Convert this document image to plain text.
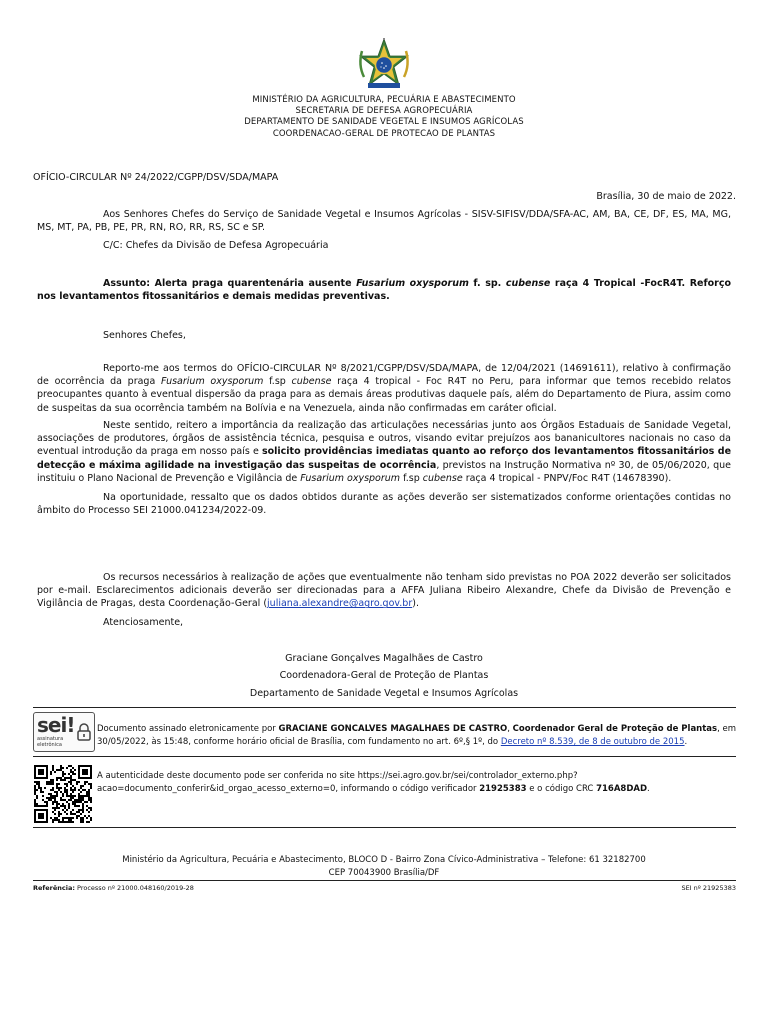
MINISTÉRIO DA AGRICULTURA, PECUÁRIA E ABASTECIMENTO
SECRETARIA DE DEFESA AGROPECUÁRIA
DEPARTAMENTO DE SANIDADE VEGETAL E INSUMOS AGRÍCOLAS
COORDENACAO-GERAL DE PROTECAO DE PLANTAS
OFÍCIO-CIRCULAR Nº 24/2022/CGPP/DSV/SDA/MAPA
Brasília, 30 de maio de 2022.
Aos Senhores Chefes do Serviço de Sanidade Vegetal e Insumos Agrícolas - SISV-SIFISV/DDA/SFA-AC, AM, BA, CE, DF, ES, MA, MG, MS, MT, PA, PB, PE, PR, RN, RO, RR, RS, SC e SP.
C/C: Chefes da Divisão de Defesa Agropecuária
Assunto: Alerta praga quarentenária ausente Fusarium oxysporum f. sp. cubense raça 4 Tropical -FocR4T. Reforço nos levantamentos fitossanitários e demais medidas preventivas.
Senhores Chefes,
Reporto-me aos termos do OFÍCIO-CIRCULAR Nº 8/2021/CGPP/DSV/SDA/MAPA, de 12/04/2021 (14691611), relativo à confirmação de ocorrência da praga Fusarium oxysporum f.sp cubense raça 4 tropical - Foc R4T no Peru, para informar que temos recebido relatos preocupantes quanto à eventual dispersão da praga para as demais áreas produtivas daquele país, além do Departamento de Piura, assim como de suspeitas da sua ocorrência também na Bolívia e na Venezuela, ainda não confirmadas em caráter oficial.
Neste sentido, reitero a importância da realização das articulações necessárias junto aos Órgãos Estaduais de Sanidade Vegetal, associações de produtores, órgãos de assistência técnica, pesquisa e outros, visando evitar prejuízos aos bananicultores nacionais no caso da eventual introdução da praga em nosso país e solicito providências imediatas quanto ao reforço dos levantamentos fitossanitários de detecção e máxima agilidade na investigação das suspeitas de ocorrência, previstos na Instrução Normativa nº 30, de 05/06/2020, que instituiu o Plano Nacional de Prevenção e Vigilância de Fusarium oxysporum f.sp cubense raça 4 tropical - PNPV/Foc R4T (14678390).
Na oportunidade, ressalto que os dados obtidos durante as ações deverão ser sistematizados conforme orientações contidas no âmbito do Processo SEI 21000.041234/2022-09.
Os recursos necessários à realização de ações que eventualmente não tenham sido previstas no POA 2022 deverão ser solicitados por e-mail. Esclarecimentos adicionais deverão ser direcionadas para a AFFA Juliana Ribeiro Alexandre, Chefe da Divisão de Prevenção e Vigilância de Pragas, desta Coordenação-Geral (juliana.alexandre@agro.gov.br).
Atenciosamente,
Graciane Gonçalves Magalhães de Castro
Coordenadora-Geral de Proteção de Plantas
Departamento de Sanidade Vegetal e Insumos Agrícolas
sei!
assinatura
eletrônica
Documento assinado eletronicamente por GRACIANE GONCALVES MAGALHAES DE CASTRO, Coordenador Geral de Proteção de Plantas, em 30/05/2022, às 15:48, conforme horário oficial de Brasília, com fundamento no art. 6º,§ 1º, do Decreto nº 8.539, de 8 de outubro de 2015.
A autenticidade deste documento pode ser conferida no site https://sei.agro.gov.br/sei/controlador_externo.php?acao=documento_conferir&id_orgao_acesso_externo=0, informando o código verificador 21925383 e o código CRC 716A8DAD.
Ministério da Agricultura, Pecuária e Abastecimento, BLOCO D - Bairro Zona Cívico-Administrativa – Telefone: 61 32182700
CEP 70043900 Brasília/DF
Referência: Processo nº 21000.048160/2019-28	SEI nº 21925383
